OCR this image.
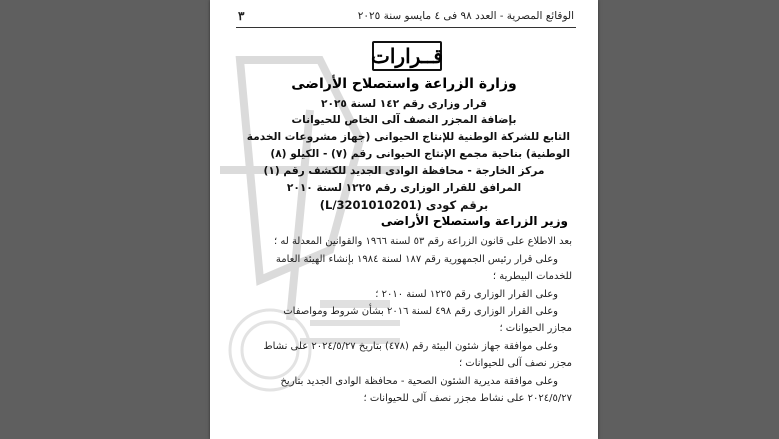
الوقائع المصرية - العدد ٩٨ فى ٤ مايسو سنة ٢٠٢٥
٣
قــرارات
وزارة الزراعة واستصلاح الأراضى
قرار وزارى رقم ١٤٢ لسنة ٢٠٢٥
بإضافة المجزر النصف آلى الخاص للحيوانات
التابع للشركة الوطنية للإنتاج الحيوانى (جهاز مشروعات الخدمة
الوطنية) بناحية مجمع الإنتاج الحيوانى رقم (٧) - الكيلو (٨)
مركز الخارجة - محافظة الوادى الجديد للكشف رقم (١)
المرافق للقرار الوزارى رقم ١٢٢٥ لسنة ٢٠١٠
برقم كودى (L/3201010201)
وزير الزراعة واستصلاح الأراضى
بعد الاطلاع على قانون الزراعة رقم ٥٣ لسنة ١٩٦٦ والقوانين المعدلة له ؛
وعلى قرار رئيس الجمهورية رقم ١٨٧ لسنة ١٩٨٤ بإنشاء الهيئة العامة
للخدمات البيطرية ؛
وعلى القرار الوزارى رقم ١٢٢٥ لسنة ٢٠١٠ ؛
وعلى القرار الوزارى رقم ٤٩٨ لسنة ٢٠١٦ بشأن شروط ومواصفات
مجازر الحيوانات ؛
وعلى موافقة جهاز شئون البيئة رقم (٤٧٨) بتاريخ ٢٠٢٤/٥/٢٧ على نشاط
مجزر نصف آلى للحيوانات ؛
وعلى موافقة مديرية الشئون الصحية - محافظة الوادى الجديد بتاريخ
٢٠٢٤/٥/٢٧ على نشاط مجزر نصف آلى للحيوانات ؛
